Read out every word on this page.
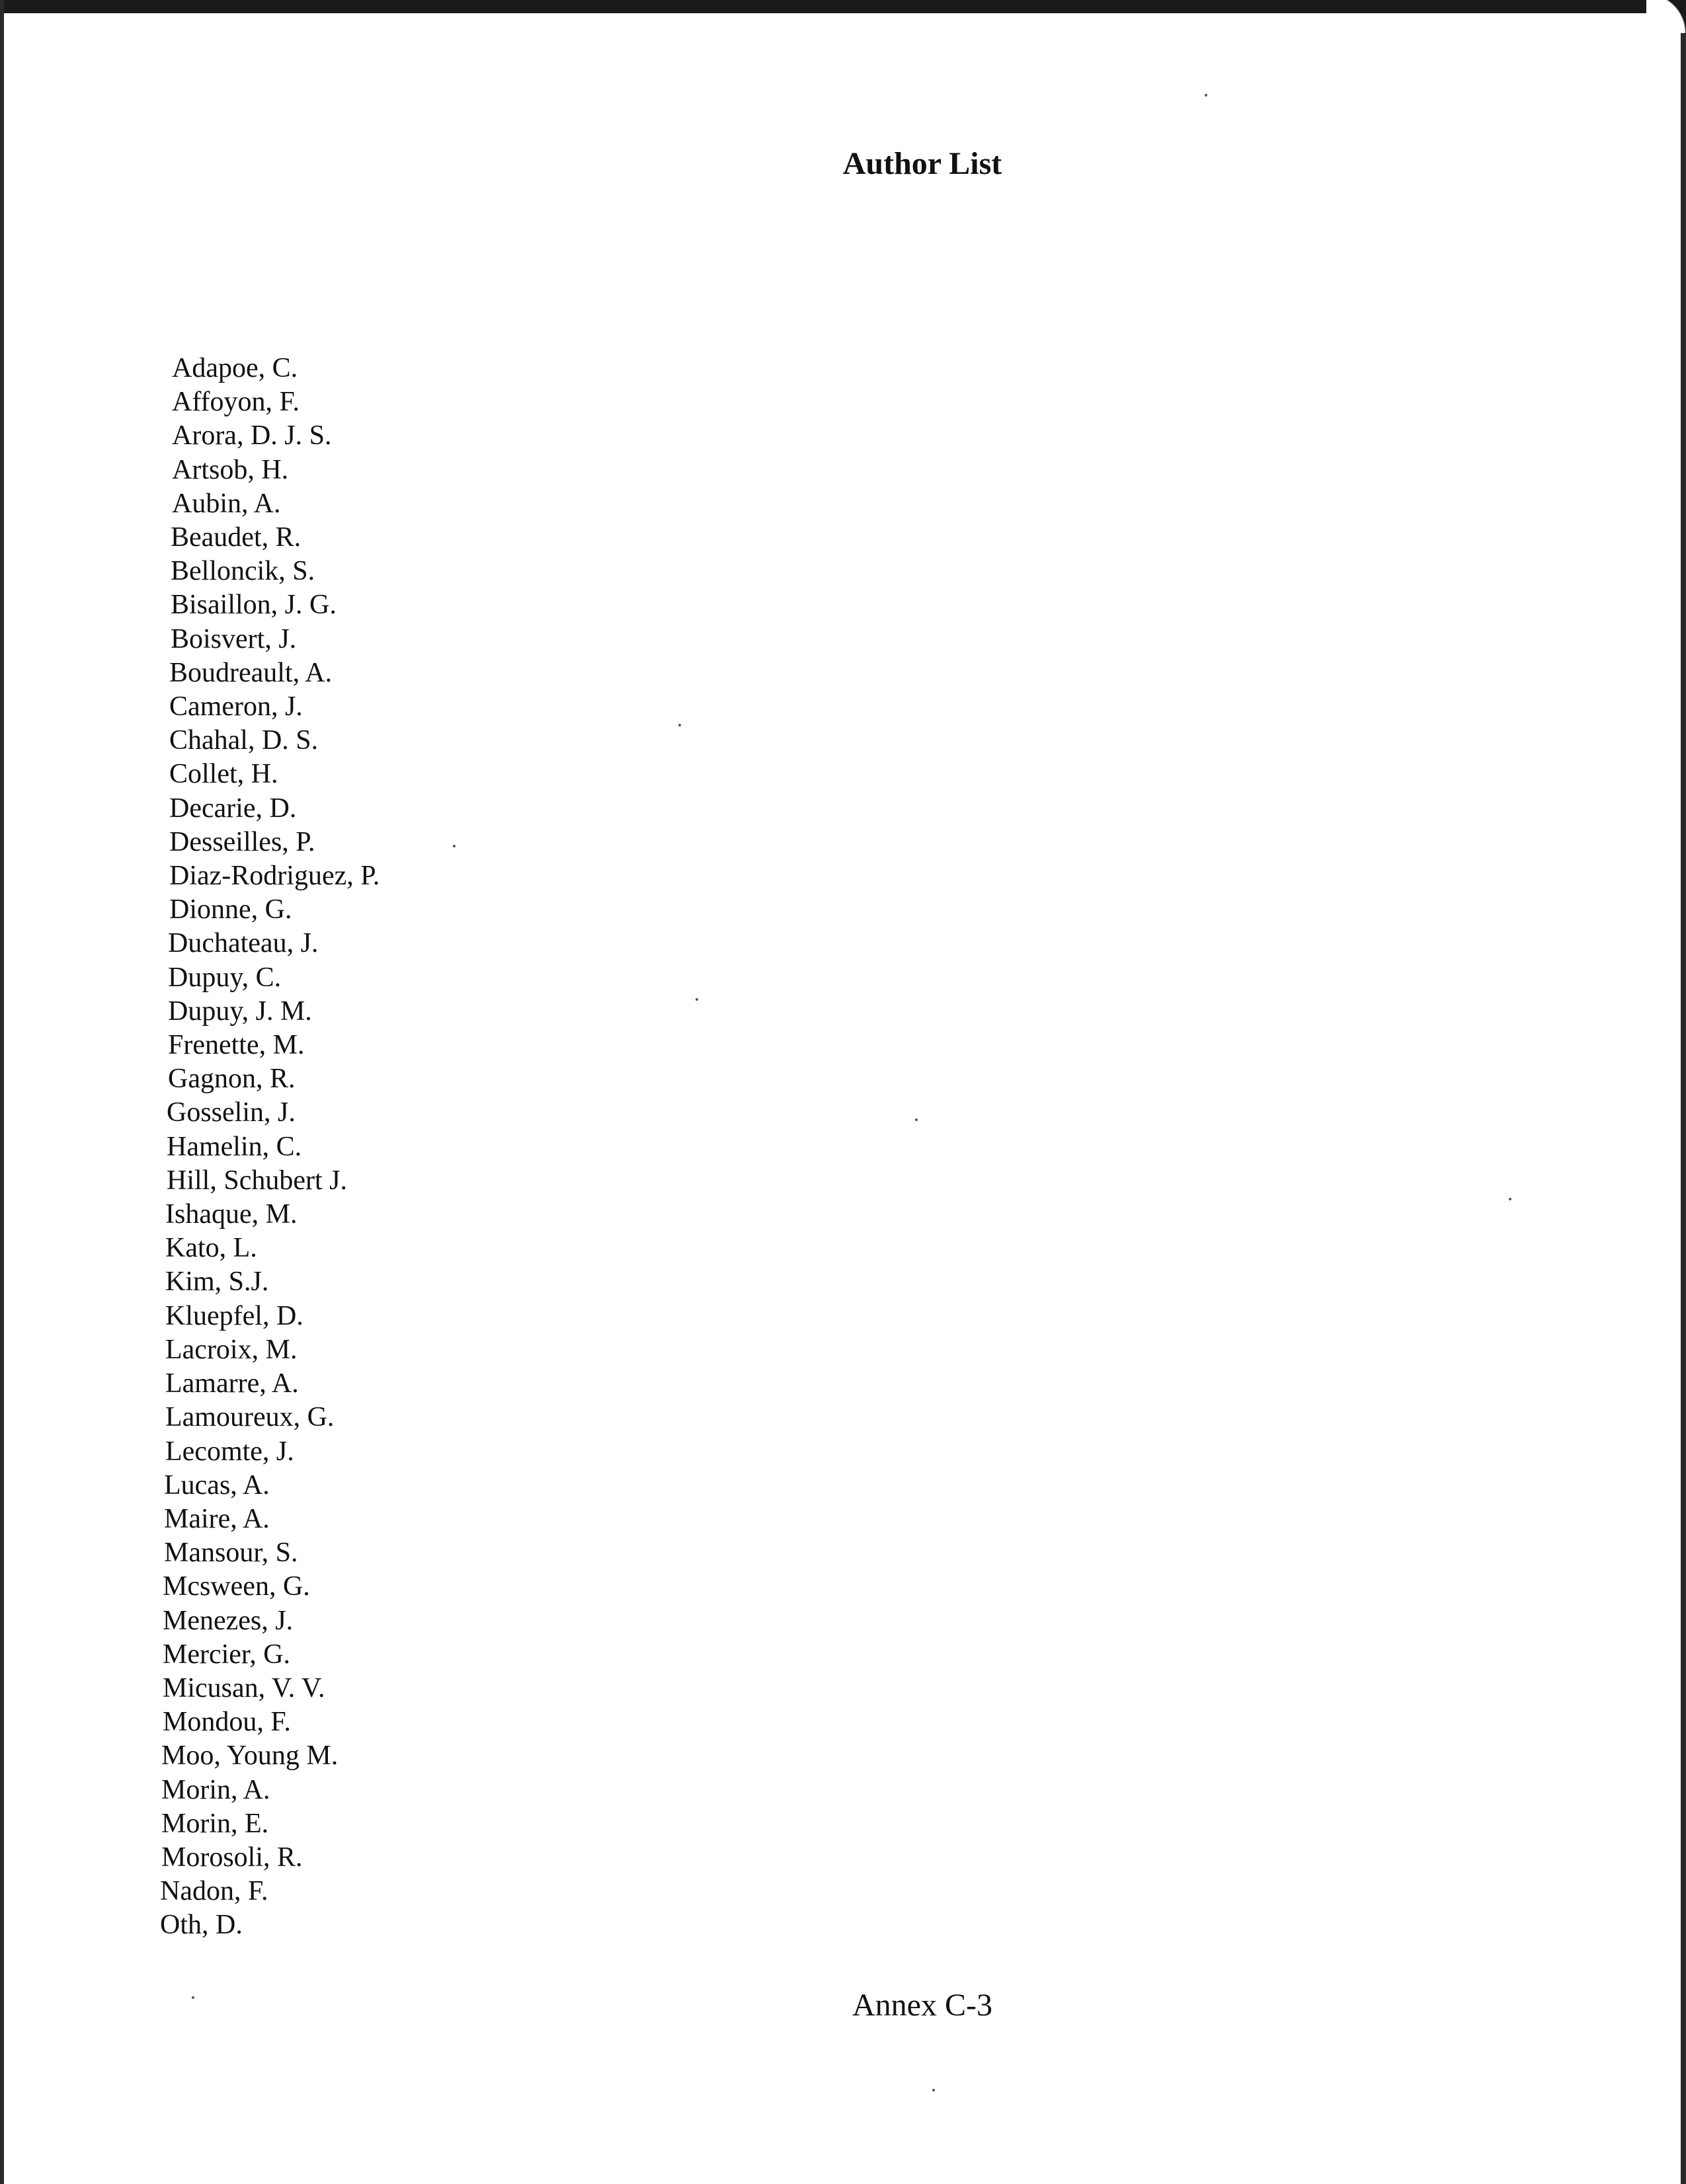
Author List
Adapoe, C.
Affoyon, F.
Arora, D. J. S.
Artsob, H.
Aubin, A.
Beaudet, R.
Belloncik, S.
Bisaillon, J. G.
Boisvert, J.
Boudreault, A.
Cameron, J.
Chahal, D. S.
Collet, H.
Decarie, D.
Desseilles, P.
Diaz-Rodriguez, P.
Dionne, G.
Duchateau, J.
Dupuy, C.
Dupuy, J. M.
Frenette, M.
Gagnon, R.
Gosselin, J.
Hamelin, C.
Hill, Schubert J.
Ishaque, M.
Kato, L.
Kim, S.J.
Kluepfel, D.
Lacroix, M.
Lamarre, A.
Lamoureux, G.
Lecomte, J.
Lucas, A.
Maire, A.
Mansour, S.
Mcsween, G.
Menezes, J.
Mercier, G.
Micusan, V. V.
Mondou, F.
Moo, Young M.
Morin, A.
Morin, E.
Morosoli, R.
Nadon, F.
Oth, D.
Annex C-3
